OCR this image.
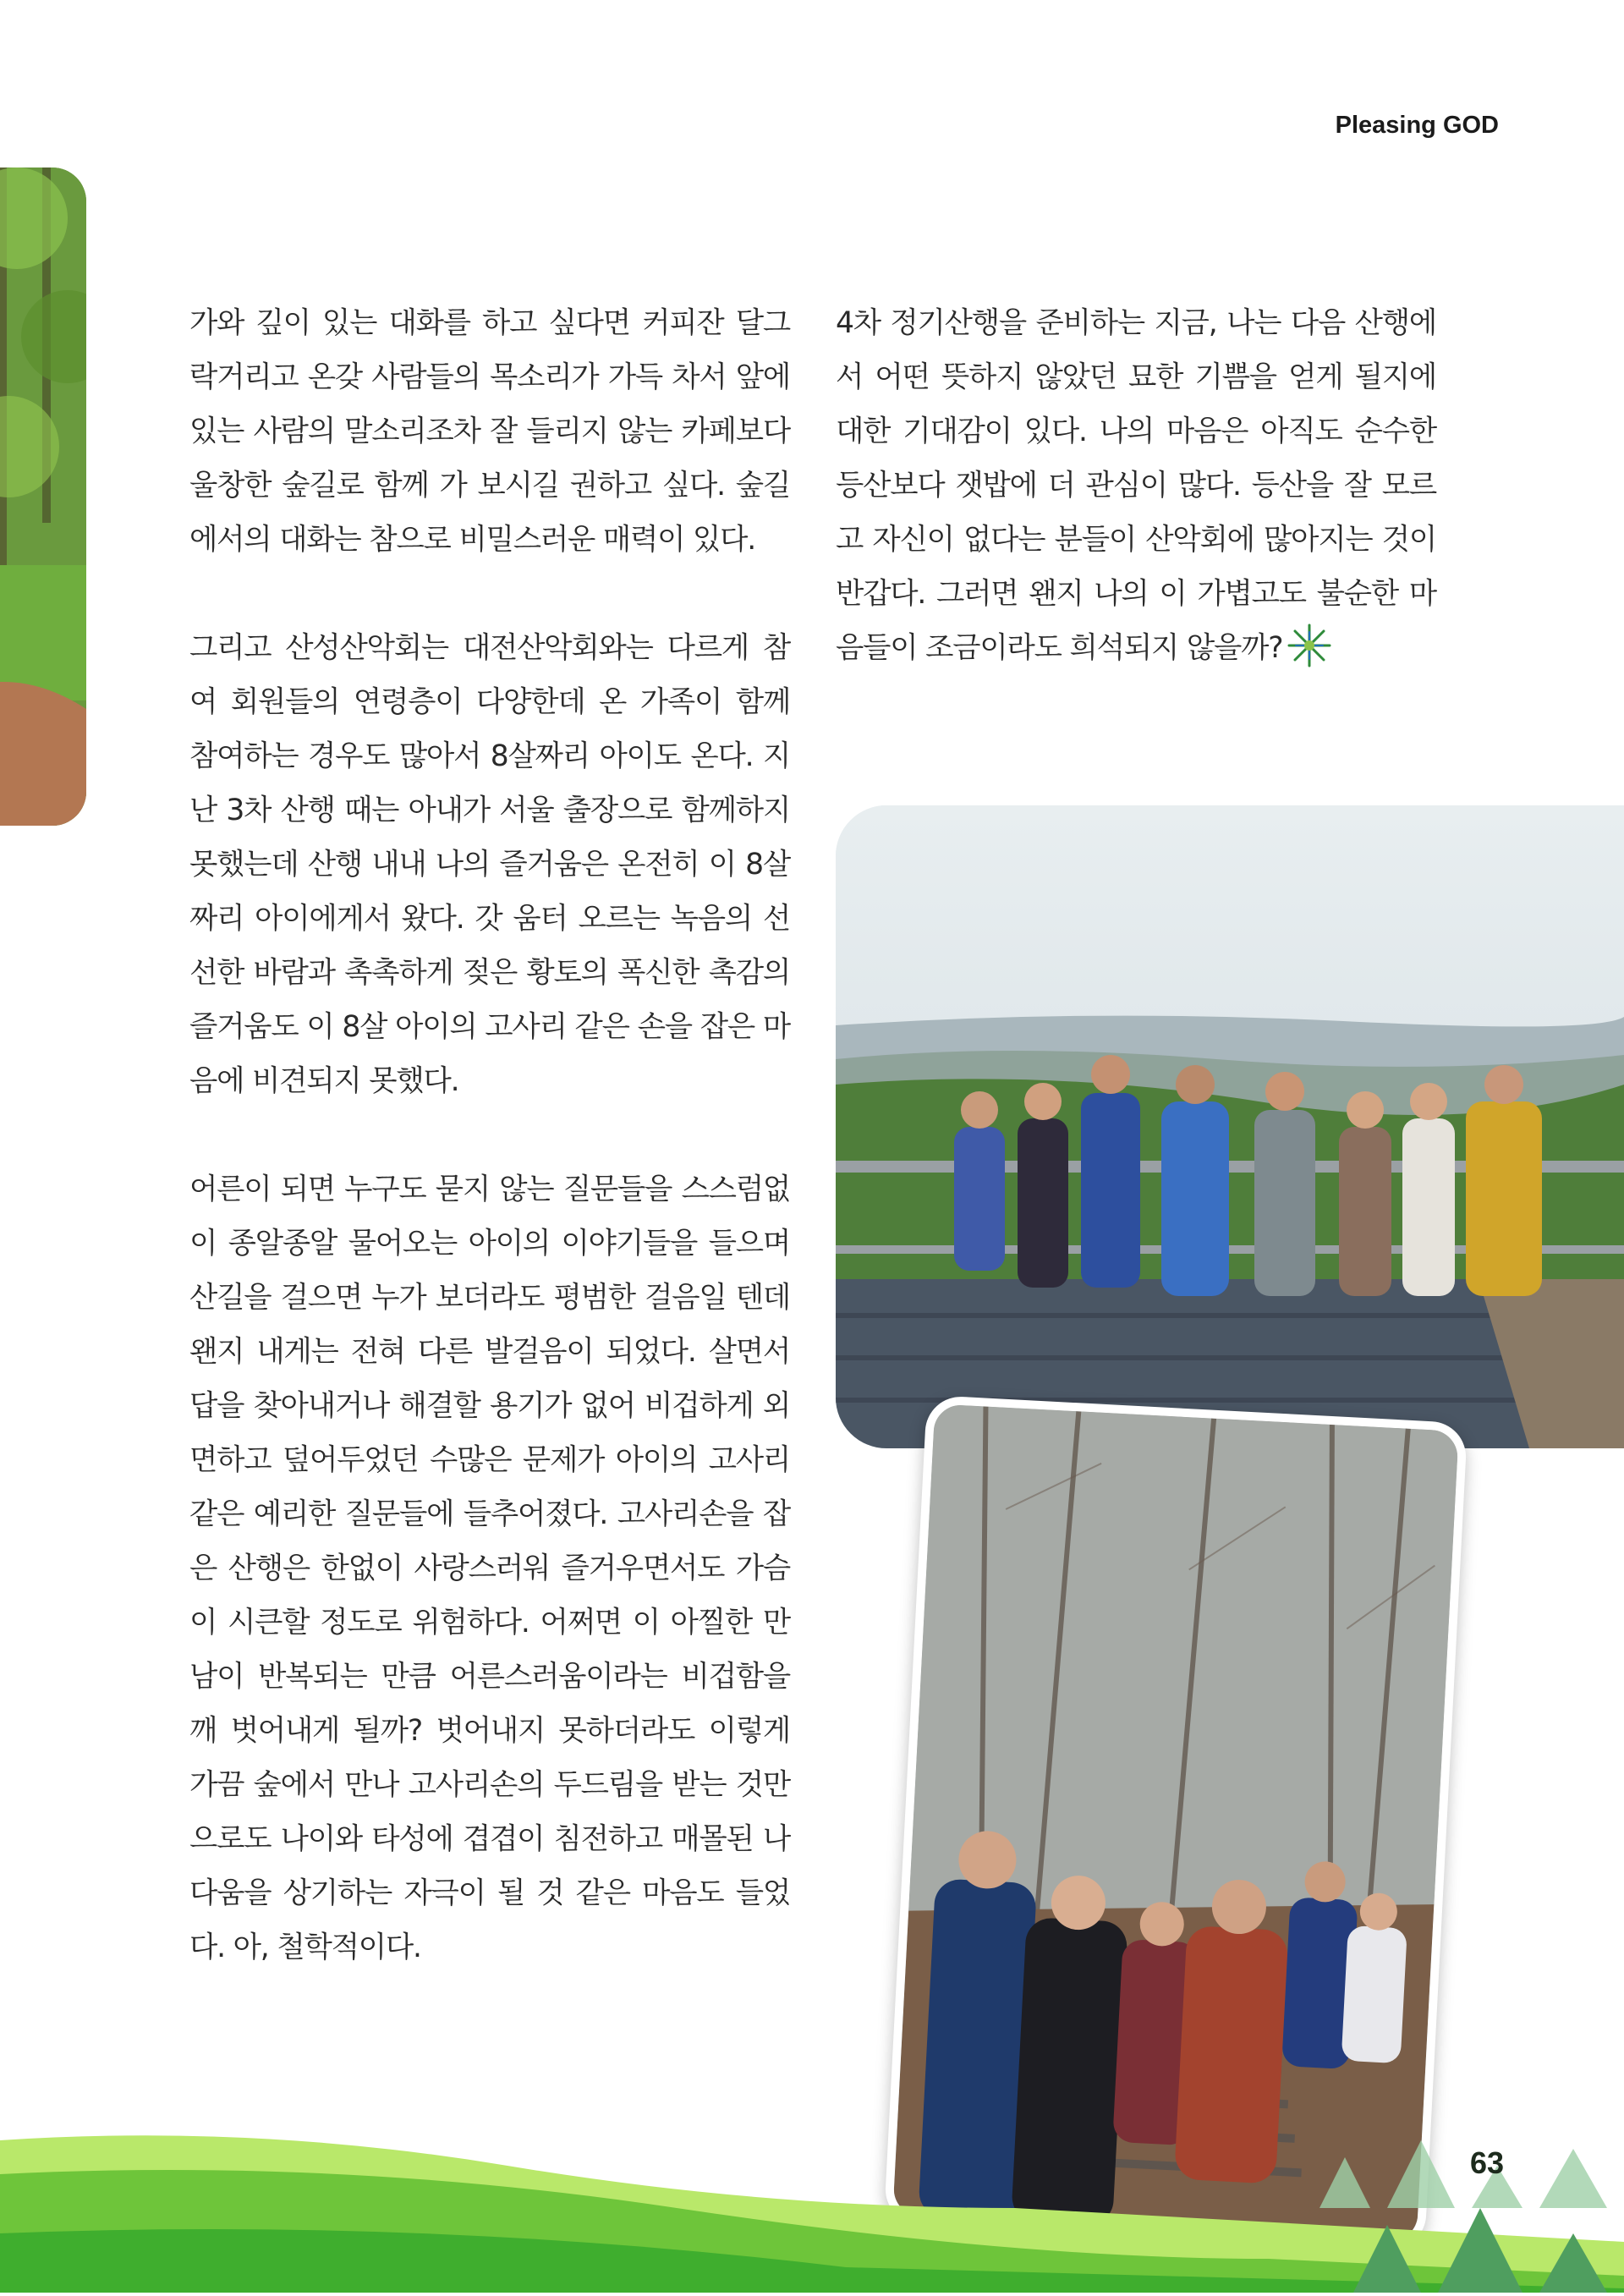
Pleasing GOD

가와 깊이 있는 대화를 하고 싶다면 커피잔 달그락거리고 온갖 사람들의 목소리가 가득 차서 앞에 있는 사람의 말소리조차 잘 들리지 않는 카페보다 울창한 숲길로 함께 가 보시길 권하고 싶다. 숲길에서의 대화는 참으로 비밀스러운 매력이 있다.

그리고 산성산악회는 대전산악회와는 다르게 참여 회원들의 연령층이 다양한데 온 가족이 함께 참여하는 경우도 많아서 8살짜리 아이도 온다. 지난 3차 산행 때는 아내가 서울 출장으로 함께하지 못했는데 산행 내내 나의 즐거움은 온전히 이 8살짜리 아이에게서 왔다. 갓 움터 오르는 녹음의 선선한 바람과 촉촉하게 젖은 황토의 폭신한 촉감의 즐거움도 이 8살 아이의 고사리 같은 손을 잡은 마음에 비견되지 못했다.

어른이 되면 누구도 묻지 않는 질문들을 스스럼없이 종알종알 물어오는 아이의 이야기들을 들으며 산길을 걸으면 누가 보더라도 평범한 걸음일 텐데 왠지 내게는 전혀 다른 발걸음이 되었다. 살면서 답을 찾아내거나 해결할 용기가 없어 비겁하게 외면하고 덮어두었던 수많은 문제가 아이의 고사리 같은 예리한 질문들에 들추어졌다. 고사리손을 잡은 산행은 한없이 사랑스러워 즐거우면서도 가슴이 시큰할 정도로 위험하다. 어쩌면 이 아찔한 만남이 반복되는 만큼 어른스러움이라는 비겁함을 깨 벗어내게 될까? 벗어내지 못하더라도 이렇게 가끔 숲에서 만나 고사리손의 두드림을 받는 것만으로도 나이와 타성에 겹겹이 침전하고 매몰된 나다움을 상기하는 자극이 될 것 같은 마음도 들었다. 아, 철학적이다.

4차 정기산행을 준비하는 지금, 나는 다음 산행에서 어떤 뜻하지 않았던 묘한 기쁨을 얻게 될지에 대한 기대감이 있다. 나의 마음은 아직도 순수한 등산보다 잿밥에 더 관심이 많다. 등산을 잘 모르고 자신이 없다는 분들이 산악회에 많아지는 것이 반갑다. 그러면 왠지 나의 이 가볍고도 불순한 마음들이 조금이라도 희석되지 않을까?

63
